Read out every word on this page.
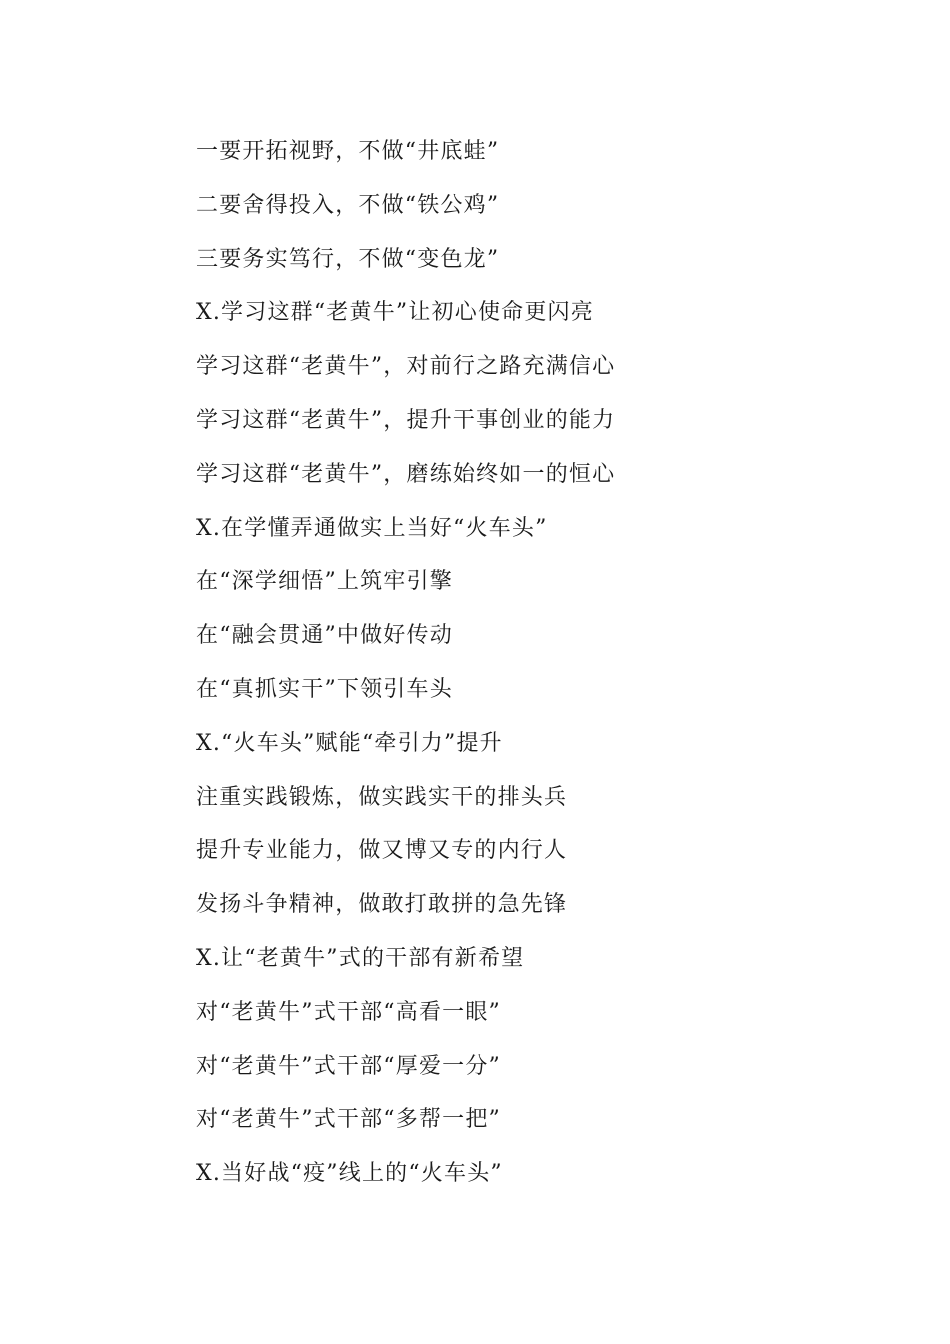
一要开拓视野，不做“井底蛙”
二要舍得投入，不做“铁公鸡”
三要务实笃行，不做“变色龙”
X.学习这群“老黄牛”让初心使命更闪亮
学习这群“老黄牛”，对前行之路充满信心
学习这群“老黄牛”，提升干事创业的能力
学习这群“老黄牛”，磨练始终如一的恒心
X.在学懂弄通做实上当好“火车头”
在“深学细悟”上筑牢引擎
在“融会贯通”中做好传动
在“真抓实干”下领引车头
X.“火车头”赋能“牵引力”提升
注重实践锻炼，做实践实干的排头兵
提升专业能力，做又博又专的内行人
发扬斗争精神，做敢打敢拼的急先锋
X.让“老黄牛”式的干部有新希望
对“老黄牛”式干部“高看一眼”
对“老黄牛”式干部“厚爱一分”
对“老黄牛”式干部“多帮一把”
X.当好战“疫”线上的“火车头”
